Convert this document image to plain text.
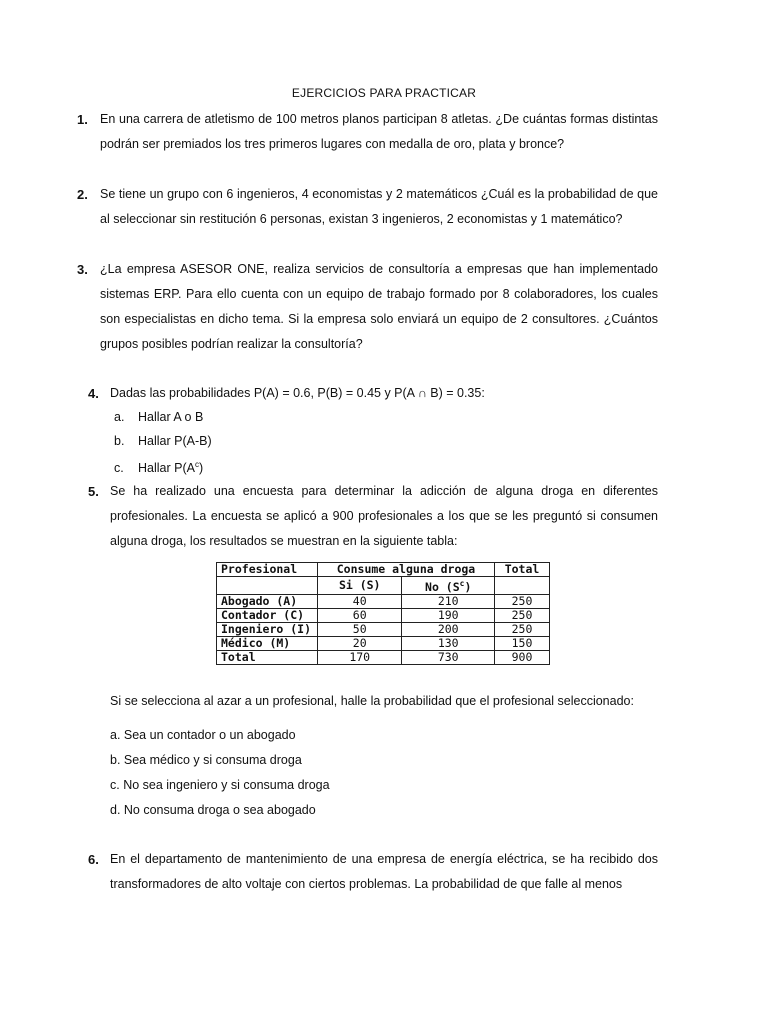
EJERCICIOS PARA PRACTICAR
1. En una carrera de atletismo de 100 metros planos participan 8 atletas. ¿De cuántas formas distintas podrán ser premiados los tres primeros lugares con medalla de oro, plata y bronce?
2. Se tiene un grupo con 6 ingenieros, 4 economistas y 2 matemáticos ¿Cuál es la probabilidad de que al seleccionar sin restitución 6 personas, existan 3 ingenieros, 2 economistas y 1 matemático?
3. ¿La empresa ASESOR ONE, realiza servicios de consultoría a empresas que han implementado sistemas ERP. Para ello cuenta con un equipo de trabajo formado por 8 colaboradores, los cuales son especialistas en dicho tema. Si la empresa solo enviará un equipo de 2 consultores. ¿Cuántos grupos posibles podrían realizar la consultoría?
4. Dadas las probabilidades P(A) = 0.6, P(B) = 0.45 y P(A ∩ B) = 0.35:
a. Hallar A o B
b. Hallar P(A-B)
c. Hallar $P(A^c)$
5. Se ha realizado una encuesta para determinar la adicción de alguna droga en diferentes profesionales. La encuesta se aplicó a 900 profesionales a los que se les preguntó si consumen alguna droga, los resultados se muestran en la siguiente tabla:
Profesional	Consume alguna droga		Total
	Si (S)	No $(S^c)$	
Abogado (A)	40	210	250
Contador (C)	60	190	250
Ingeniero (I)	50	200	250
Médico (M)	20	130	150
Total	170	730	900
Si se selecciona al azar a un profesional, halle la probabilidad que el profesional seleccionado:
a. Sea un contador o un abogado
b. Sea médico y si consuma droga
c. No sea ingeniero y si consuma droga
d. No consuma droga o sea abogado
6. En el departamento de mantenimiento de una empresa de energía eléctrica, se ha recibido dos transformadores de alto voltaje con ciertos problemas. La probabilidad de que falle al menos
